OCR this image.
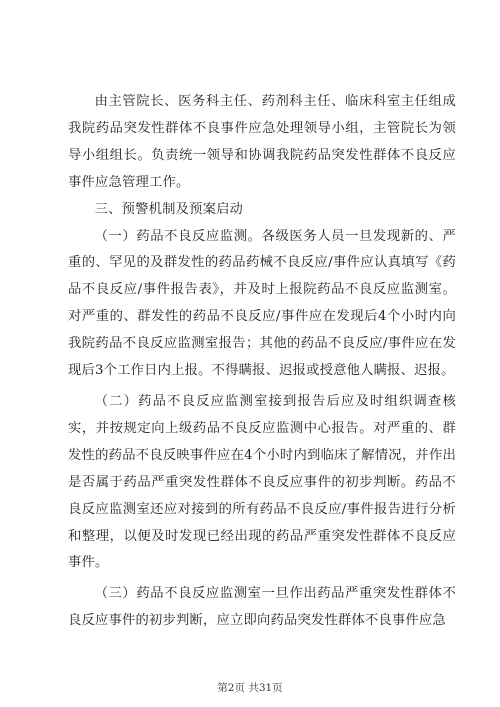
由主管院长、医务科主任、药剂科主任、临床科室主任组成我院药品突发性群体不良事件应急处理领导小组，主管院长为领导小组组长。负责统一领导和协调我院药品突发性群体不良反应事件应急管理工作。

三、预警机制及预案启动

（一）药品不良反应监测。各级医务人员一旦发现新的、严重的、罕见的及群发性的药品药械不良反应/事件应认真填写《药品不良反应/事件报告表》，并及时上报院药品不良反应监测室。对严重的、群发性的药品不良反应/事件应在发现后4个小时内向我院药品不良反应监测室报告；其他的药品不良反应/事件应在发现后3个工作日内上报。不得瞒报、迟报或授意他人瞒报、迟报。

（二）药品不良反应监测室接到报告后应及时组织调查核实，并按规定向上级药品不良反应监测中心报告。对严重的、群发性的药品不良反映事件应在4个小时内到临床了解情况，并作出是否属于药品严重突发性群体不良反应事件的初步判断。药品不良反应监测室还应对接到的所有药品不良反应/事件报告进行分析和整理，以便及时发现已经出现的药品严重突发性群体不良反应事件。

（三）药品不良反应监测室一旦作出药品严重突发性群体不良反应事件的初步判断，应立即向药品突发性群体不良事件应急

第2页 共31页
